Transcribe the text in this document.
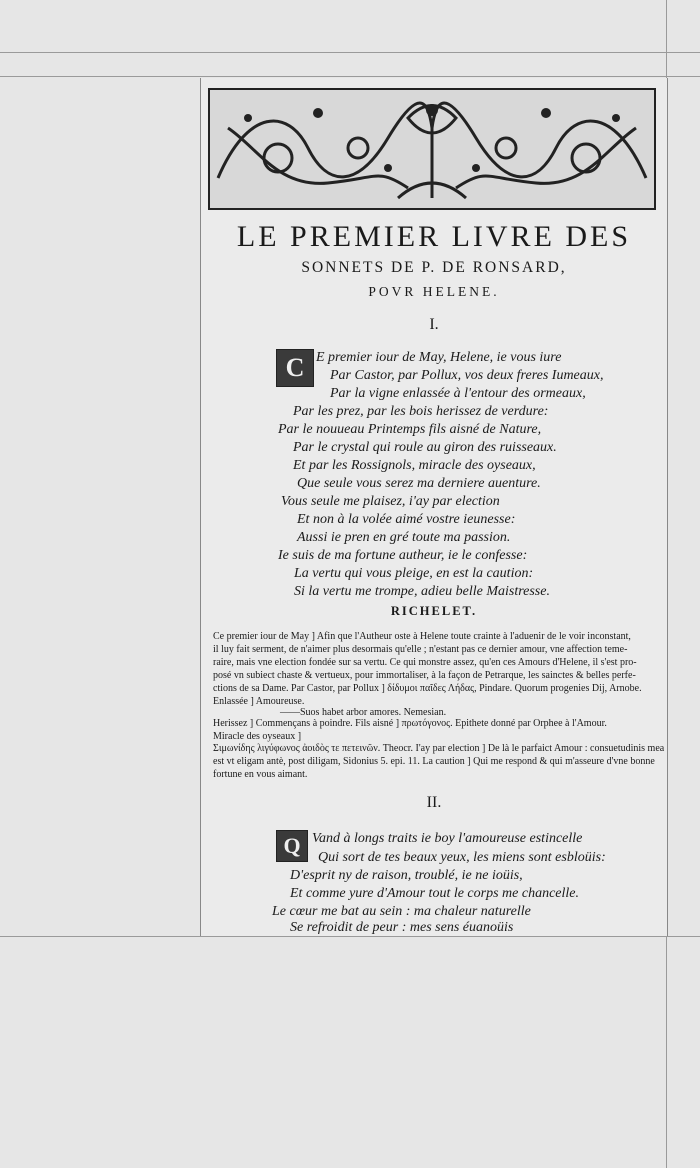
LE PREMIER LIVRE DES
SONNETS DE P. DE RONSARD,
POVR HELENE.
I.
C E premier iour de May, Helene, ie vous iure
Par Castor, par Pollux, vos deux freres Iumeaux,
Par la vigne enlassée à l'entour des ormeaux,
Par les prez, par les bois herissez de verdure:
Par le nouueau Printemps fils aisné de Nature,
Par le crystal qui roule au giron des ruisseaux.
Et par les Rossignols, miracle des oyseaux,
Que seule vous serez ma derniere auenture.
Vous seule me plaisez, i'ay par election
Et non à la volée aimé vostre ieunesse:
Aussi ie pren en gré toute ma passion.
Ie suis de ma fortune autheur, ie le confesse:
La vertu qui vous pleige, en est la caution:
Si la vertu me trompe, adieu belle Maistresse.
RICHELET.
Ce premier iour de May ] Afin que l'Autheur oste à Helene toute crainte à l'aduenir de le voir inconstant,
il luy fait serment, de n'aimer plus desormais qu'elle ; n'estant pas ce dernier amour, vne affection teme-
raire, mais vne election fondée sur sa vertu. Ce qui monstre assez, qu'en ces Amours d'Helene, il s'est pro-
posé vn subiect chaste & vertueux, pour immortaliser, à la façon de Petrarque, les sainctes & belles perfe-
ctions de sa Dame. Par Castor, par Pollux ] δίδυμοι παῖδες Λήδας, Pindare. Quorum progenies Dij, Arnobe.
Enlassée ] Amoureuse.
——Suos habet arbor amores. Nemesian.
Herissez ] Commençans à poindre. Fils aisné ] πρωτόγονος. Epithete donné par Orphee à l'Amour.
Miracle des oyseaux ]
Σιμωνίδης λιγύφωνος ἀοιδὸς τε πετεινῶν. Theocr. I'ay par election ] De là le parfaict Amour : consuetudinis mea
est vt eligam antè, post diligam, Sidonius 5. epi. 11. La caution ] Qui me respond & qui m'asseure d'vne bonne
fortune en vous aimant.
II.
Q Vand à longs traits ie boy l'amoureuse estincelle
Qui sort de tes beaux yeux, les miens sont esbloüis:
D'esprit ny de raison, troublé, ie ne ioüis,
Et comme yure d'Amour tout le corps me chancelle.
Le cœur me bat au sein : ma chaleur naturelle
Se refroidit de peur : mes sens éuanoüis
